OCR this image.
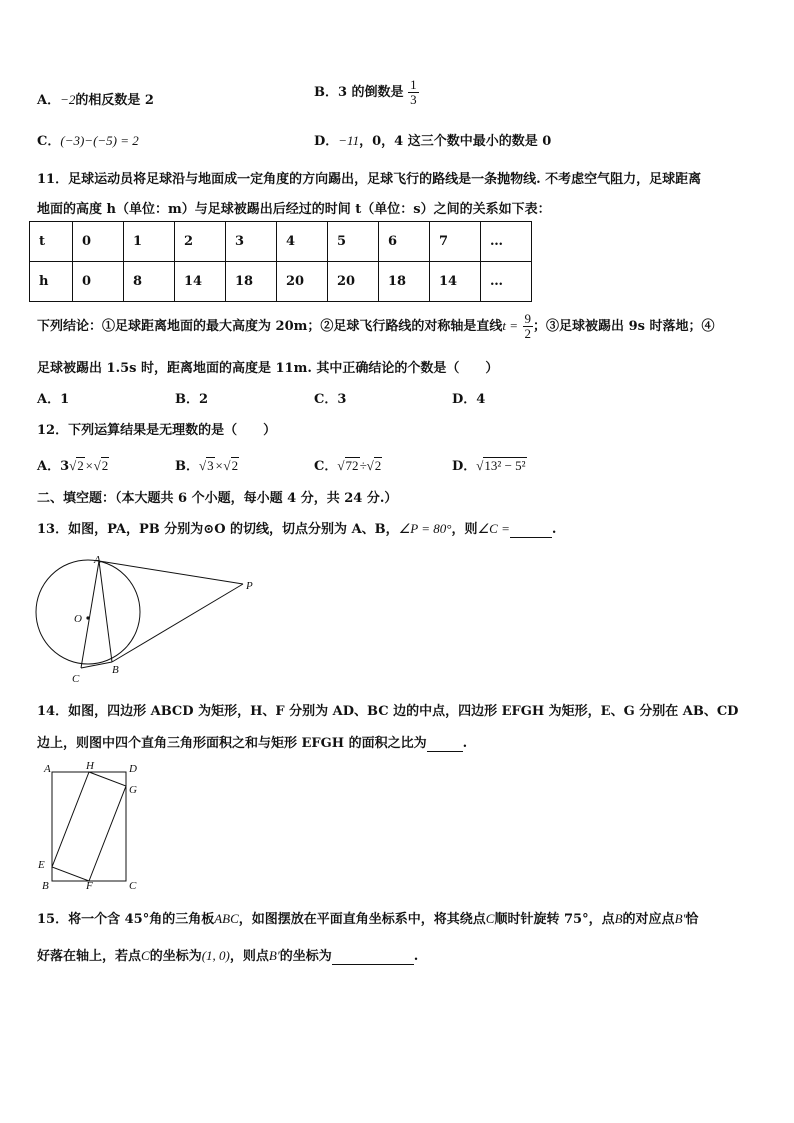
A．−2的相反数是 2
B．3 的倒数是 $\frac{1}{3}$
C．(−3)−(−5) = 2	D．−11，0，4 这三个数中最小的数是 0
11．足球运动员将足球沿与地面成一定角度的方向踢出，足球飞行的路线是一条抛物线. 不考虑空气阻力，足球距离
地面的高度 h（单位：m）与足球被踢出后经过的时间 t（单位：s）之间的关系如下表：
t	0	1	2	3	4	5	6	7	…
h	0	8	14	18	20	20	18	14	…
下列结论：①足球距离地面的最大高度为 20m；②足球飞行路线的对称轴是直线$t = \frac{9}{2}$ ；③足球被踢出 9s 时落地；④
足球被踢出 1.5s 时，距离地面的高度是 11m. 其中正确结论的个数是（　　）
A．1	B．2	C．3	D．4
12．下列运算结果是无理数的是（　　）
A．3√2×√2	B．√3×√2	C．√72÷√2	D．√13² − 5²
二、填空题：（本大题共 6 个小题，每小题 4 分，共 24 分.）
13．如图，PA，PB 分别为⊙O 的切线，切点分别为 A、B，∠P = 80°，则∠C =	.
A
P
O
B
C
14．如图，四边形 ABCD 为矩形，H、F 分别为 AD、BC 边的中点，四边形 EFGH 为矩形，E、G 分别在 AB、CD
边上，则图中四个直角三角形面积之和与矩形 EFGH 的面积之比为	.
A	H	D
G
E
B	F	C
15．将一个含 45°角的三角板ABC，如图摆放在平面直角坐标系中，将其绕点C顺时针旋转 75°，点B的对应点B′恰
好落在轴上，若点C的坐标为(1, 0)，则点B′的坐标为	.
